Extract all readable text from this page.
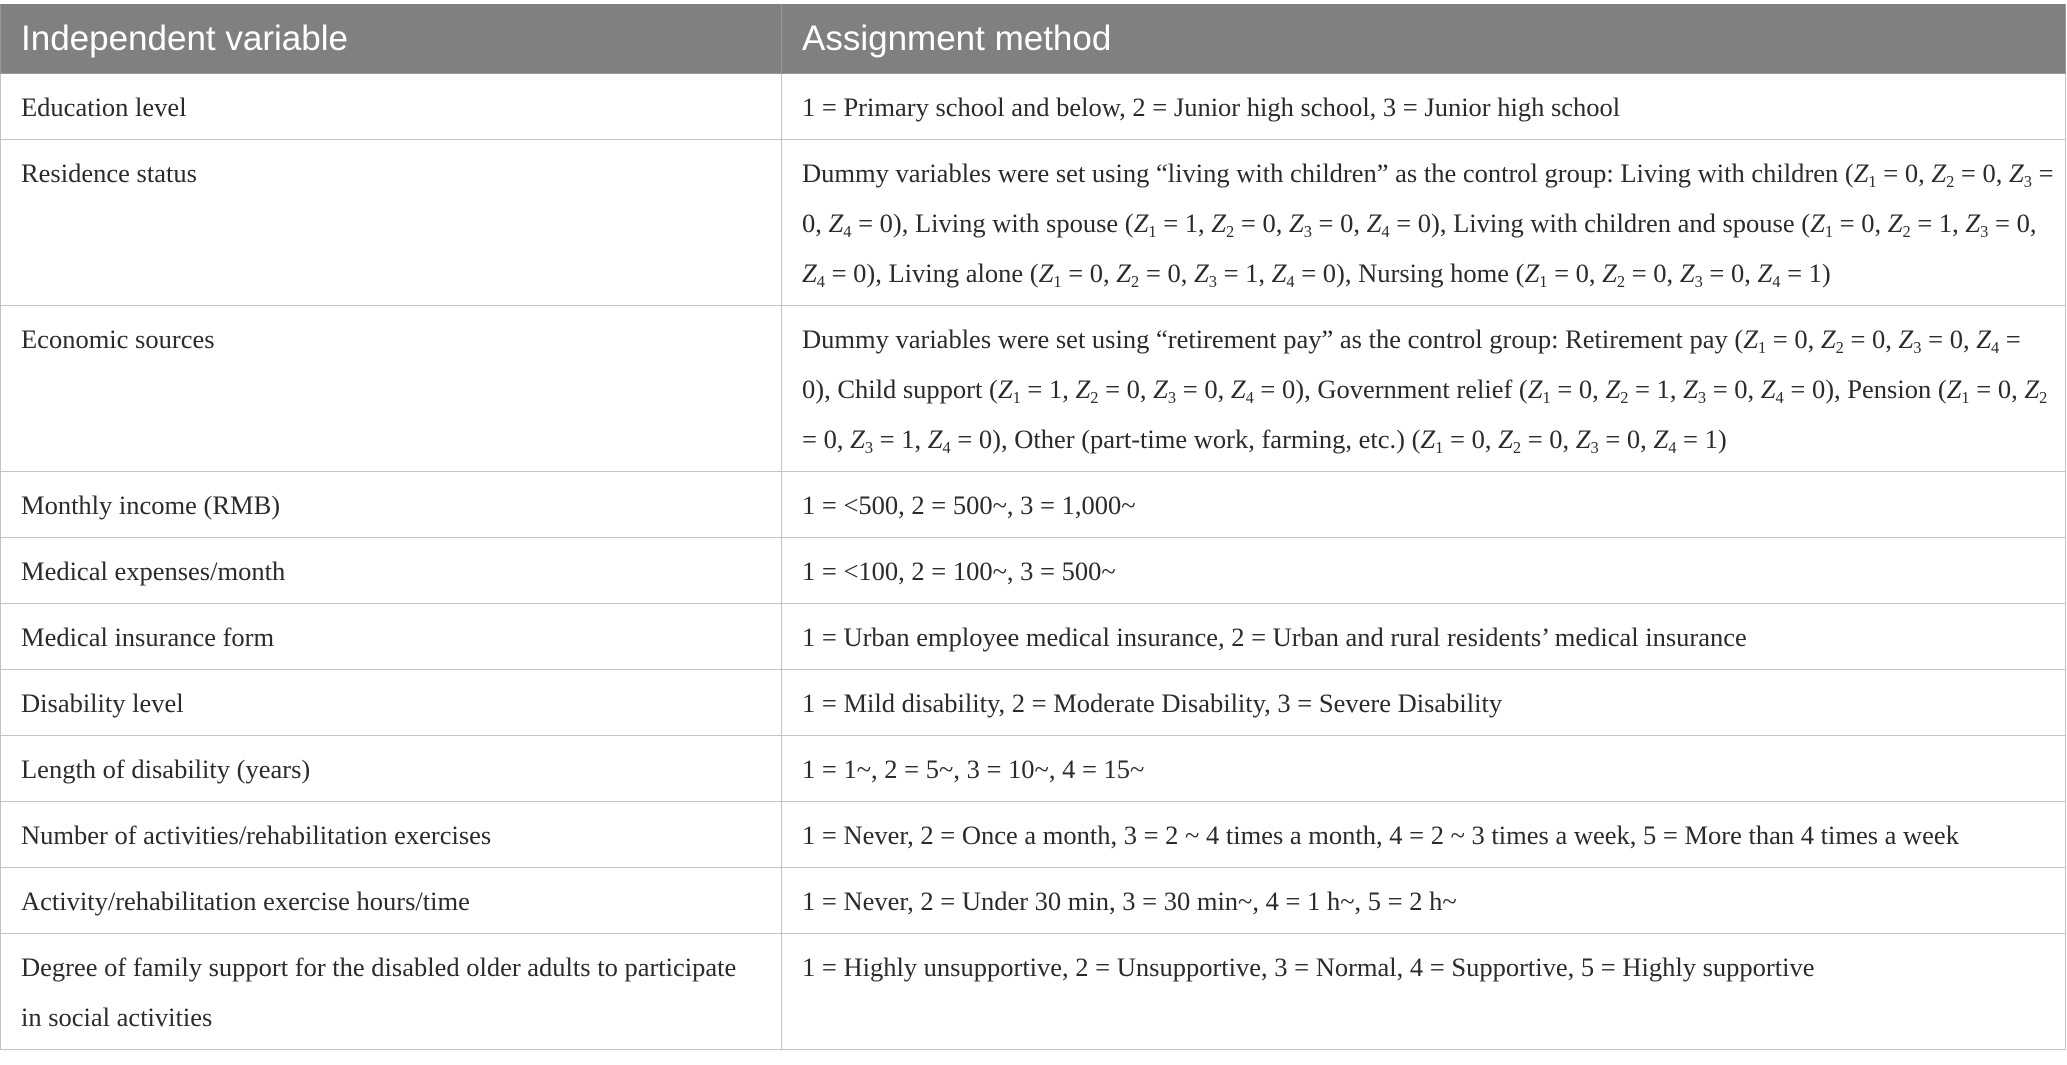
Independent variable	Assignment method
Education level	1 = Primary school and below, 2 = Junior high school, 3 = Junior high school
Residence status	Dummy variables were set using “living with children” as the control group: Living with children ($Z_1 = 0$, $Z_2 = 0$, $Z_3 = 0$, $Z_4 = 0$), Living with spouse ($Z_1 = 1$, $Z_2 = 0$, $Z_3 = 0$, $Z_4 = 0$), Living with children and spouse ($Z_1 = 0$, $Z_2 = 1$, $Z_3 = 0$, $Z_4 = 0$), Living alone ($Z_1 = 0$, $Z_2 = 0$, $Z_3 = 1$, $Z_4 = 0$), Nursing home ($Z_1 = 0$, $Z_2 = 0$, $Z_3 = 0$, $Z_4 = 1$)
Economic sources	Dummy variables were set using “retirement pay” as the control group: Retirement pay ($Z_1 = 0$, $Z_2 = 0$, $Z_3 = 0$, $Z_4 = 0$), Child support ($Z_1 = 1$, $Z_2 = 0$, $Z_3 = 0$, $Z_4 = 0$), Government relief ($Z_1 = 0$, $Z_2 = 1$, $Z_3 = 0$, $Z_4 = 0$), Pension ($Z_1 = 0$, $Z_2 = 0$, $Z_3 = 1$, $Z_4 = 0$), Other (part-time work, farming, etc.) ($Z_1 = 0$, $Z_2 = 0$, $Z_3 = 0$, $Z_4 = 1$)
Monthly income (RMB)	1 = <500, 2 = 500~, 3 = 1,000~
Medical expenses/month	1 = <100, 2 = 100~, 3 = 500~
Medical insurance form	1 = Urban employee medical insurance, 2 = Urban and rural residents’ medical insurance
Disability level	1 = Mild disability, 2 = Moderate Disability, 3 = Severe Disability
Length of disability (years)	1 = 1~, 2 = 5~, 3 = 10~, 4 = 15~
Number of activities/rehabilitation exercises	1 = Never, 2 = Once a month, 3 = 2 ~ 4 times a month, 4 = 2 ~ 3 times a week, 5 = More than 4 times a week
Activity/rehabilitation exercise hours/time	1 = Never, 2 = Under 30 min, 3 = 30 min~, 4 = 1 h~, 5 = 2 h~
Degree of family support for the disabled older adults to participate in social activities	1 = Highly unsupportive, 2 = Unsupportive, 3 = Normal, 4 = Supportive, 5 = Highly supportive
